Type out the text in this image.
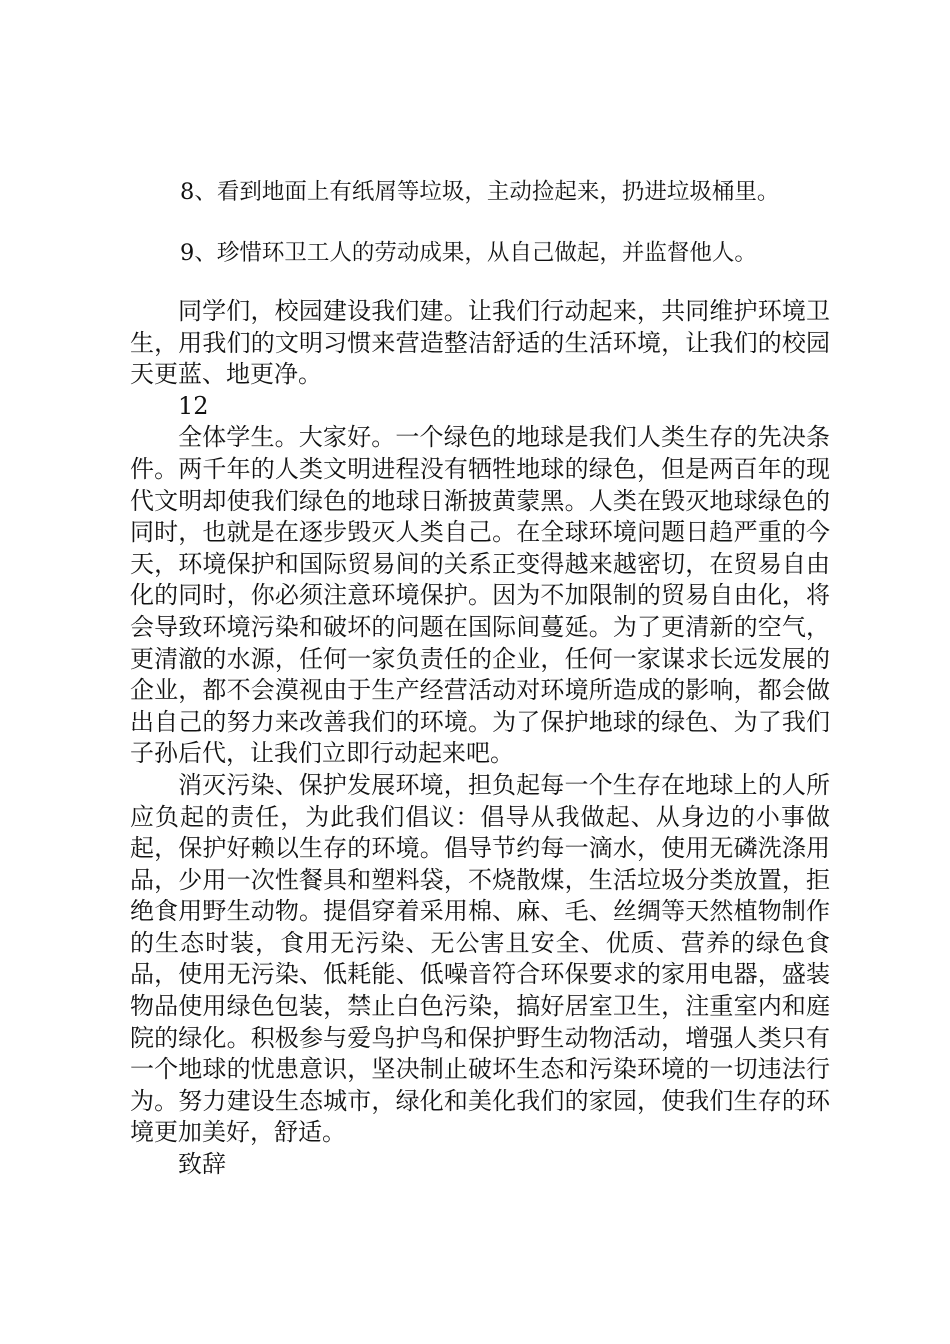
8、看到地面上有纸屑等垃圾，主动捡起来，扔进垃圾桶里。
9、珍惜环卫工人的劳动成果，从自己做起，并监督他人。

同学们，校园建设我们建。让我们行动起来，共同维护环境卫生，用我们的文明习惯来营造整洁舒适的生活环境，让我们的校园天更蓝、地更净。

12

全体学生。大家好。一个绿色的地球是我们人类生存的先决条件。两千年的人类文明进程没有牺牲地球的绿色，但是两百年的现代文明却使我们绿色的地球日渐披黄蒙黑。人类在毁灭地球绿色的同时，也就是在逐步毁灭人类自己。在全球环境问题日趋严重的今天，环境保护和国际贸易间的关系正变得越来越密切，在贸易自由化的同时，你必须注意环境保护。因为不加限制的贸易自由化，将会导致环境污染和破坏的问题在国际间蔓延。为了更清新的空气，更清澈的水源，任何一家负责任的企业，任何一家谋求长远发展的企业，都不会漠视由于生产经营活动对环境所造成的影响，都会做出自己的努力来改善我们的环境。为了保护地球的绿色、为了我们子孙后代，让我们立即行动起来吧。

消灭污染、保护发展环境，担负起每一个生存在地球上的人所应负起的责任，为此我们倡议：倡导从我做起、从身边的小事做起，保护好赖以生存的环境。倡导节约每一滴水，使用无磷洗涤用品，少用一次性餐具和塑料袋，不烧散煤，生活垃圾分类放置，拒绝食用野生动物。提倡穿着采用棉、麻、毛、丝绸等天然植物制作的生态时装，食用无污染、无公害且安全、优质、营养的绿色食品，使用无污染、低耗能、低噪音符合环保要求的家用电器，盛装物品使用绿色包装，禁止白色污染，搞好居室卫生，注重室内和庭院的绿化。积极参与爱鸟护鸟和保护野生动物活动，增强人类只有一个地球的忧患意识，坚决制止破坏生态和污染环境的一切违法行为。努力建设生态城市，绿化和美化我们的家园，使我们生存的环境更加美好，舒适。

致辞
